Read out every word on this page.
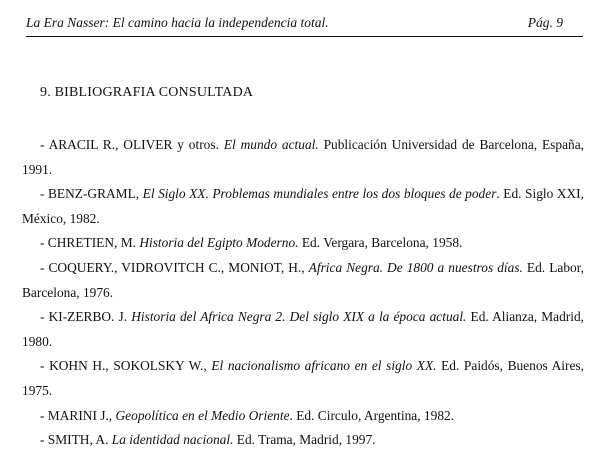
La Era Nasser: El camino hacia la independencia total.	Pág. 9
9. BIBLIOGRAFIA CONSULTADA

- ARACIL R., OLIVER y otros. El mundo actual. Publicación Universidad de Barcelona, España, 1991.

- BENZ-GRAML, El Siglo XX. Problemas mundiales entre los dos bloques de poder. Ed. Siglo XXI, México, 1982.

- CHRETIEN, M. Historia del Egipto Moderno. Ed. Vergara, Barcelona, 1958.

- COQUERY., VIDROVITCH C., MONIOT, H., Africa Negra. De 1800 a nuestros días. Ed. Labor, Barcelona, 1976.

- KI-ZERBO. J. Historia del Africa Negra 2. Del siglo XIX a la época actual. Ed. Alianza, Madrid, 1980.

- KOHN H., SOKOLSKY W., El nacionalismo africano en el siglo XX. Ed. Paidós, Buenos Aires, 1975.

- MARINI J., Geopolítica en el Medio Oriente. Ed. Circulo, Argentina, 1982.

- SMITH, A. La identidad nacional. Ed. Trama, Madrid, 1997.
